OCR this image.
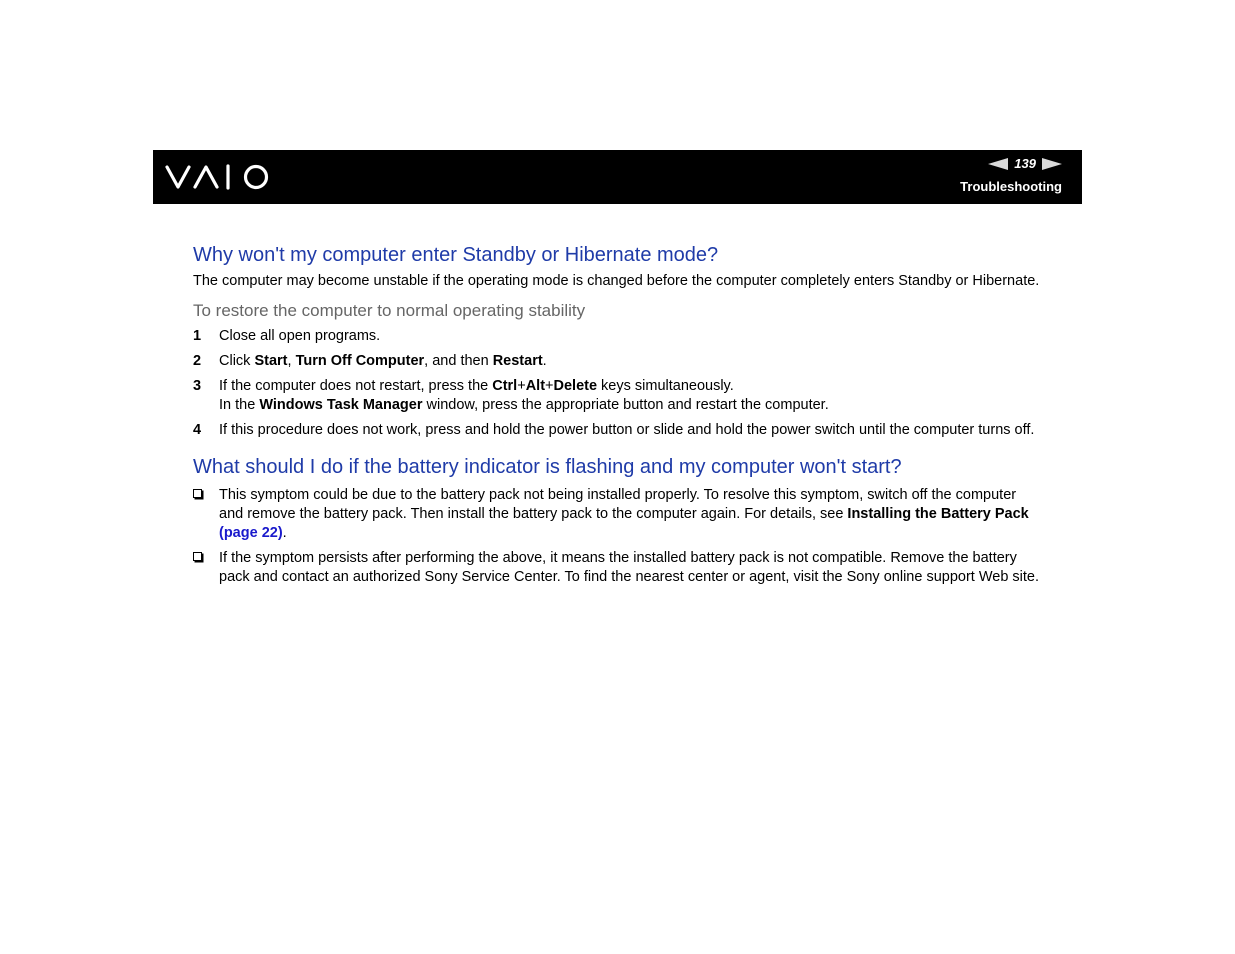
139
Troubleshooting
Why won't my computer enter Standby or Hibernate mode?

The computer may become unstable if the operating mode is changed before the computer completely enters Standby or Hibernate.

To restore the computer to normal operating stability
1 Close all open programs.
2 Click Start, Turn Off Computer, and then Restart.
3 If the computer does not restart, press the Ctrl+Alt+Delete keys simultaneously.
In the Windows Task Manager window, press the appropriate button and restart the computer.
4 If this procedure does not work, press and hold the power button or slide and hold the power switch until the computer turns off.
What should I do if the battery indicator is flashing and my computer won't start?
This symptom could be due to the battery pack not being installed properly. To resolve this symptom, switch off the computer and remove the battery pack. Then install the battery pack to the computer again. For details, see Installing the Battery Pack (page 22).
If the symptom persists after performing the above, it means the installed battery pack is not compatible. Remove the battery pack and contact an authorized Sony Service Center. To find the nearest center or agent, visit the Sony online support Web site.
